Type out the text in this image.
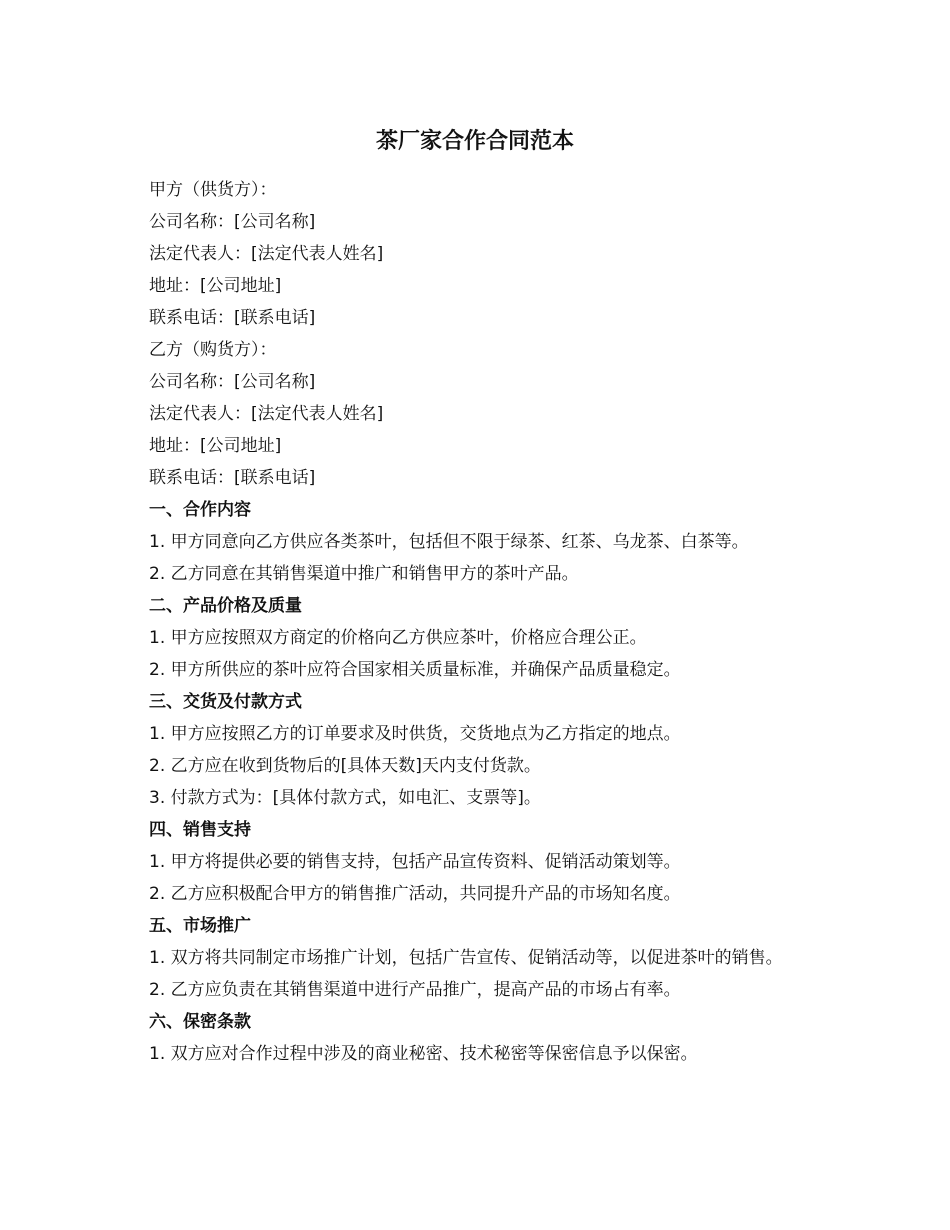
茶厂家合作合同范本

甲方（供货方）：

公司名称：[公司名称]

法定代表人：[法定代表人姓名]

地址：[公司地址]

联系电话：[联系电话]

乙方（购货方）：

公司名称：[公司名称]

法定代表人：[法定代表人姓名]

地址：[公司地址]

联系电话：[联系电话]

一、合作内容

1. 甲方同意向乙方供应各类茶叶，包括但不限于绿茶、红茶、乌龙茶、白茶等。

2. 乙方同意在其销售渠道中推广和销售甲方的茶叶产品。

二、产品价格及质量

1. 甲方应按照双方商定的价格向乙方供应茶叶，价格应合理公正。

2. 甲方所供应的茶叶应符合国家相关质量标准，并确保产品质量稳定。

三、交货及付款方式

1. 甲方应按照乙方的订单要求及时供货，交货地点为乙方指定的地点。

2. 乙方应在收到货物后的[具体天数]天内支付货款。

3. 付款方式为：[具体付款方式，如电汇、支票等]。

四、销售支持

1. 甲方将提供必要的销售支持，包括产品宣传资料、促销活动策划等。

2. 乙方应积极配合甲方的销售推广活动，共同提升产品的市场知名度。

五、市场推广

1. 双方将共同制定市场推广计划，包括广告宣传、促销活动等，以促进茶叶的销售。

2. 乙方应负责在其销售渠道中进行产品推广，提高产品的市场占有率。

六、保密条款

1. 双方应对合作过程中涉及的商业秘密、技术秘密等保密信息予以保密。
